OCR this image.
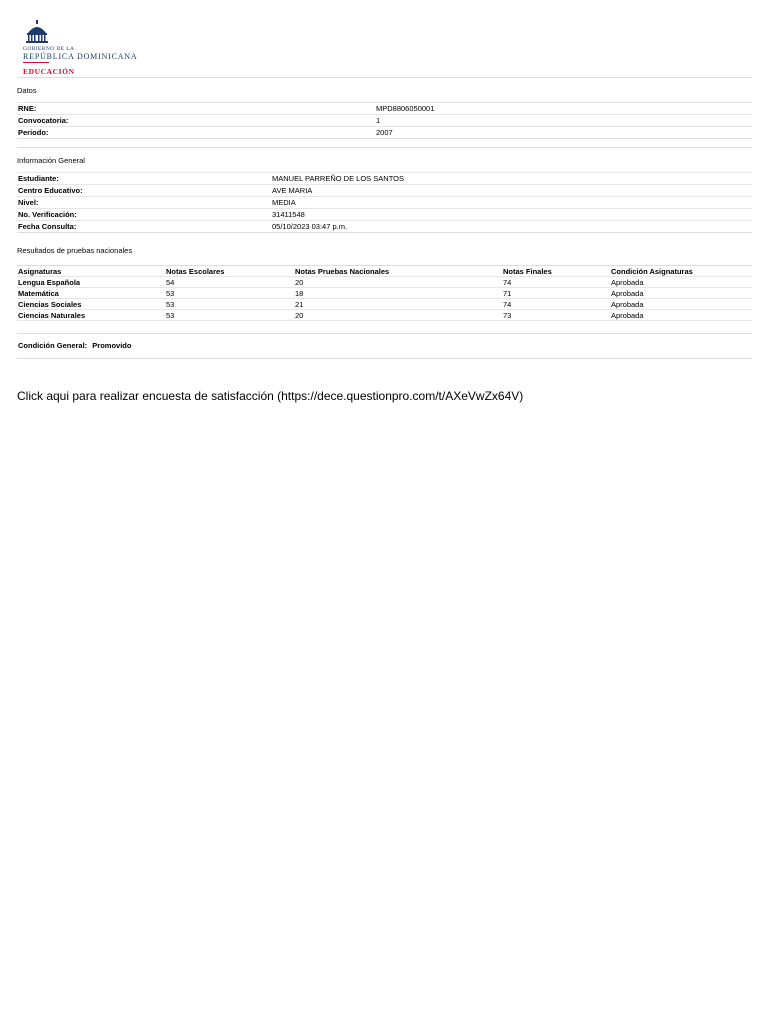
GOBIERNO DE LA
REPÚBLICA DOMINICANA
EDUCACIÓN
Datos
RNE:	MPD8806050001
Convocatoria:	1
Periodo:	2007
Información General
Estudiante:	MANUEL PARREÑO DE LOS SANTOS
Centro Educativo:	AVE MARIA
Nivel:	MEDIA
No. Verificación:	31411548
Fecha Consulta:	05/10/2023 03:47 p.m.
Resultados de pruebas nacionales
Asignaturas	Notas Escolares	Notas Pruebas Nacionales	Notas Finales	Condición Asignaturas
Lengua Española	54	20	74	Aprobada
Matemática	53	18	71	Aprobada
Ciencias Sociales	53	21	74	Aprobada
Ciencias Naturales	53	20	73	Aprobada
Condición General: Promovido
Click aqui para realizar encuesta de satisfacción (https://dece.questionpro.com/t/AXeVwZx64V)
